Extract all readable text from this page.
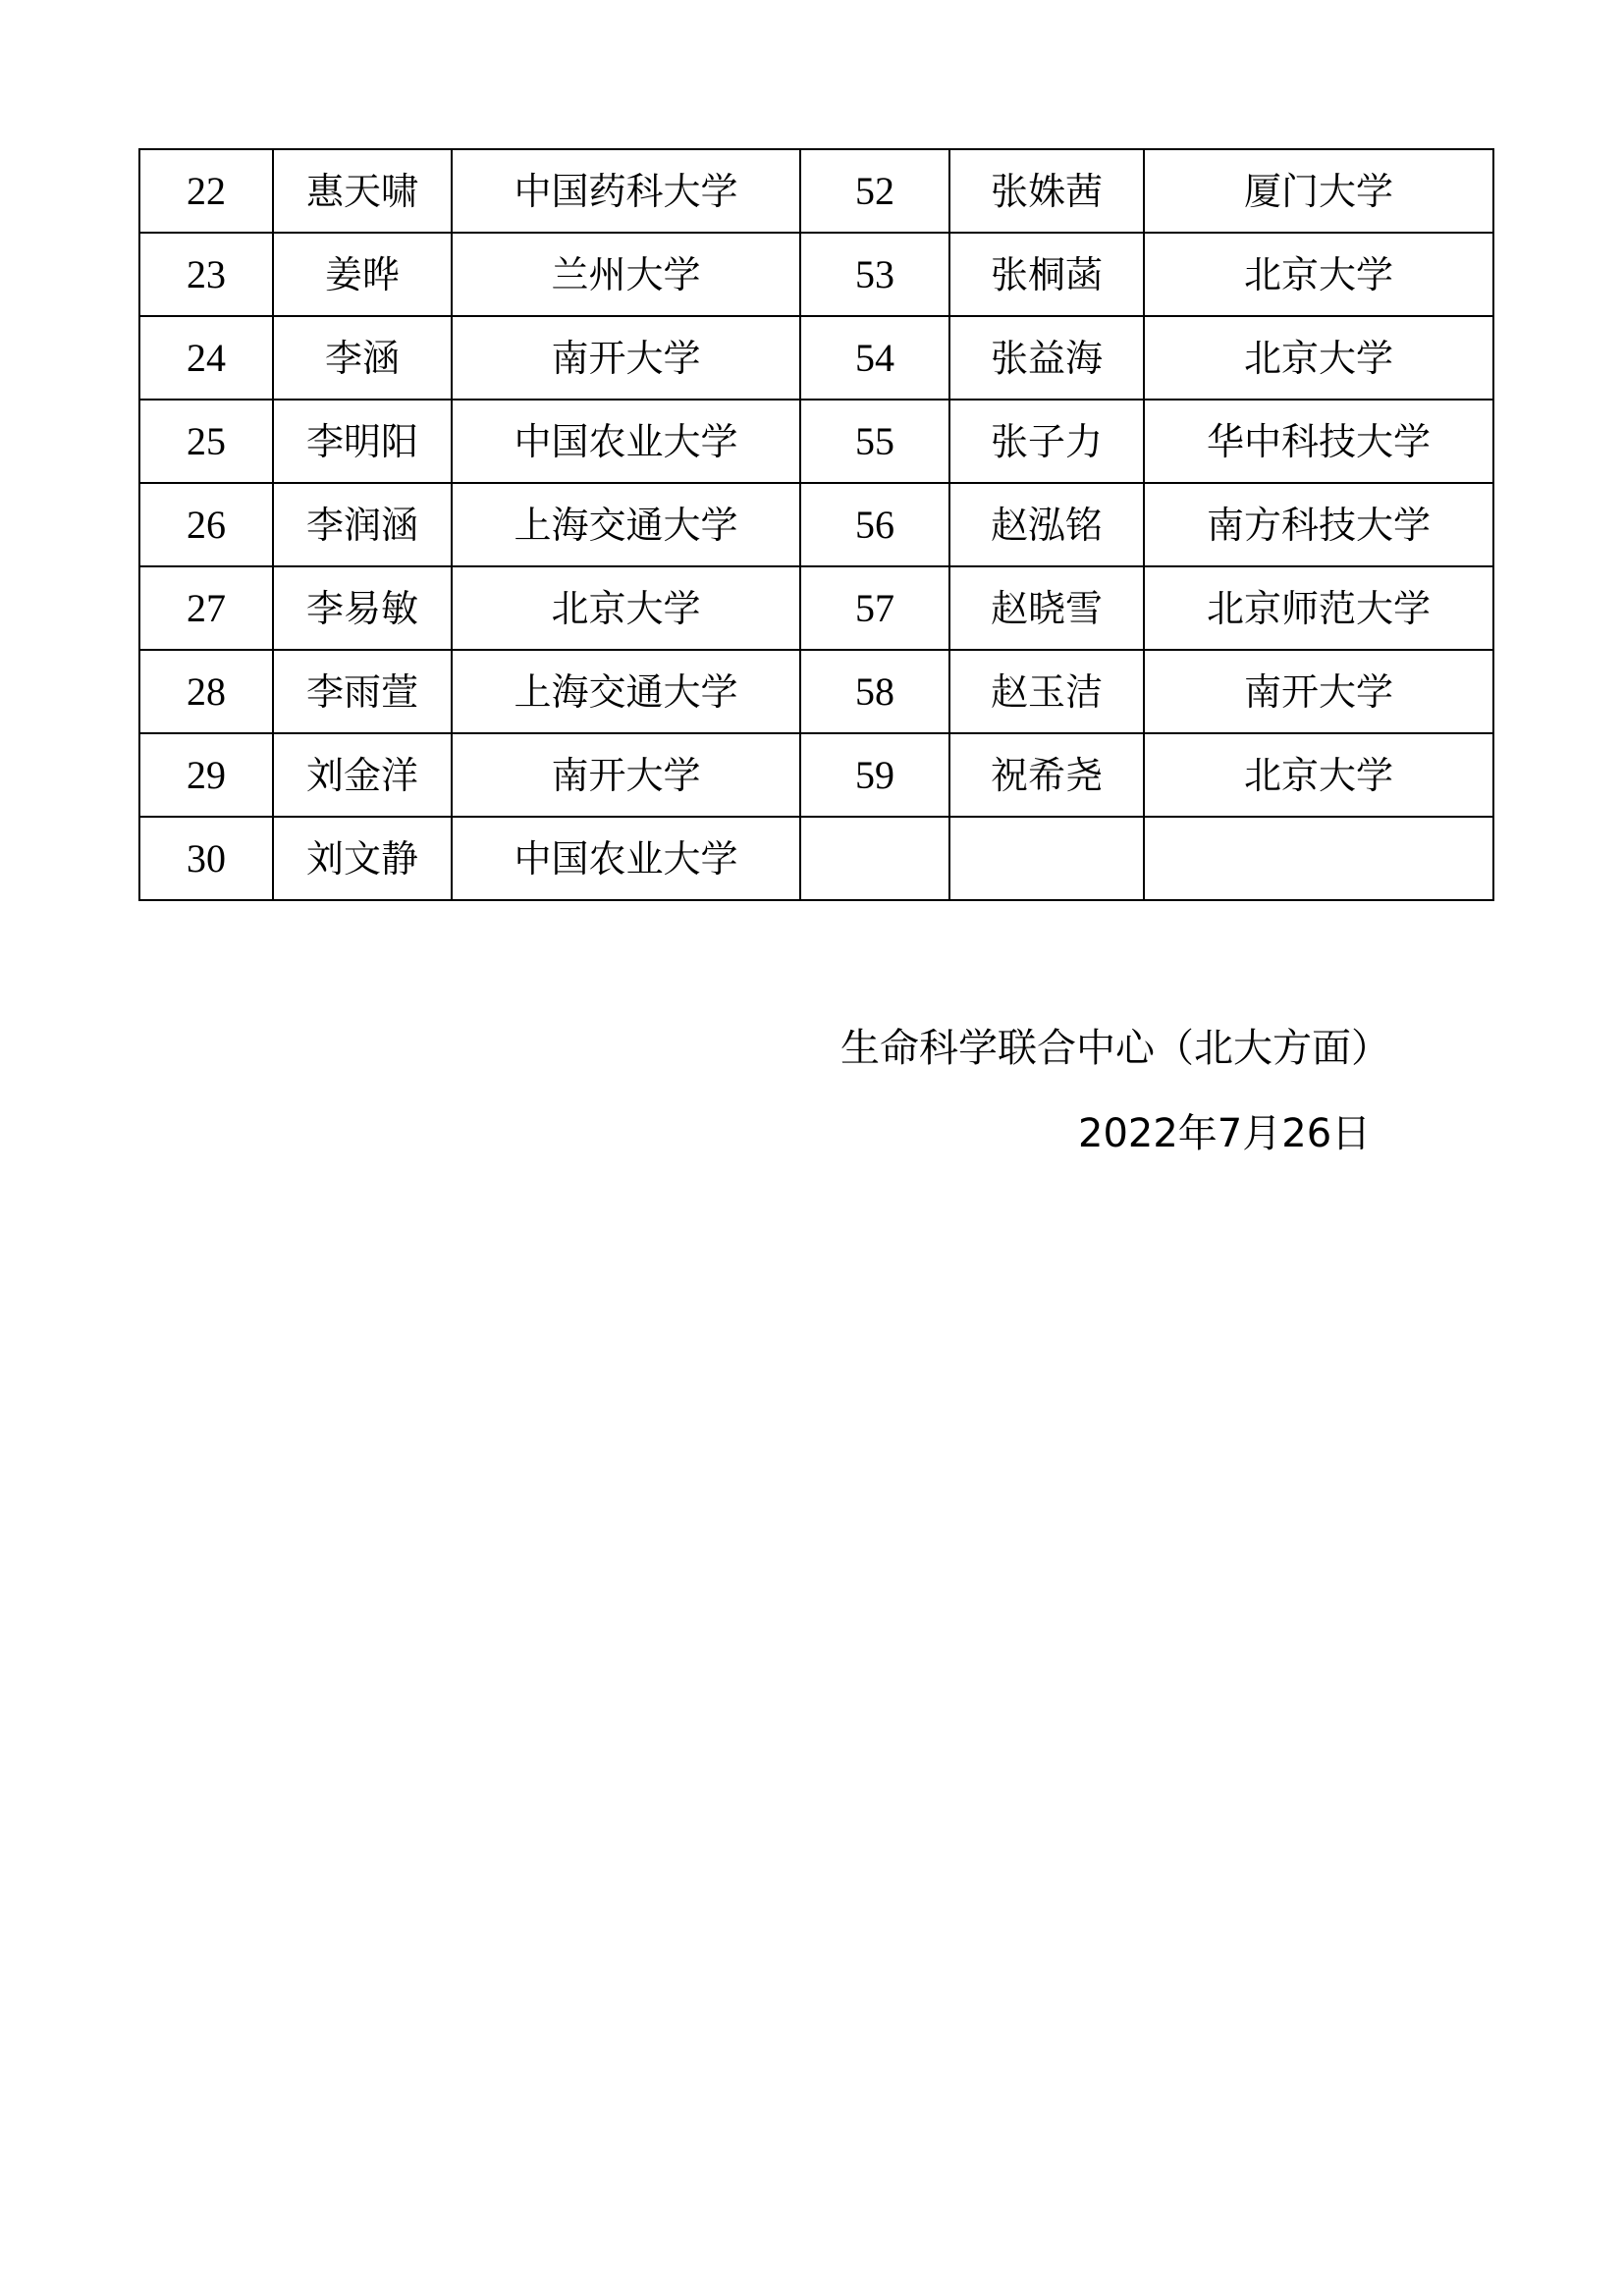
22	惠天啸	中国药科大学	52	张姝茜	厦门大学
23	姜晔	兰州大学	53	张桐菡	北京大学
24	李涵	南开大学	54	张益海	北京大学
25	李明阳	中国农业大学	55	张子力	华中科技大学
26	李润涵	上海交通大学	56	赵泓铭	南方科技大学
27	李易敏	北京大学	57	赵晓雪	北京师范大学
28	李雨萱	上海交通大学	58	赵玉洁	南开大学
29	刘金洋	南开大学	59	祝希尧	北京大学
30	刘文静	中国农业大学			
生命科学联合中心（北大方面）
2022年7月26日
